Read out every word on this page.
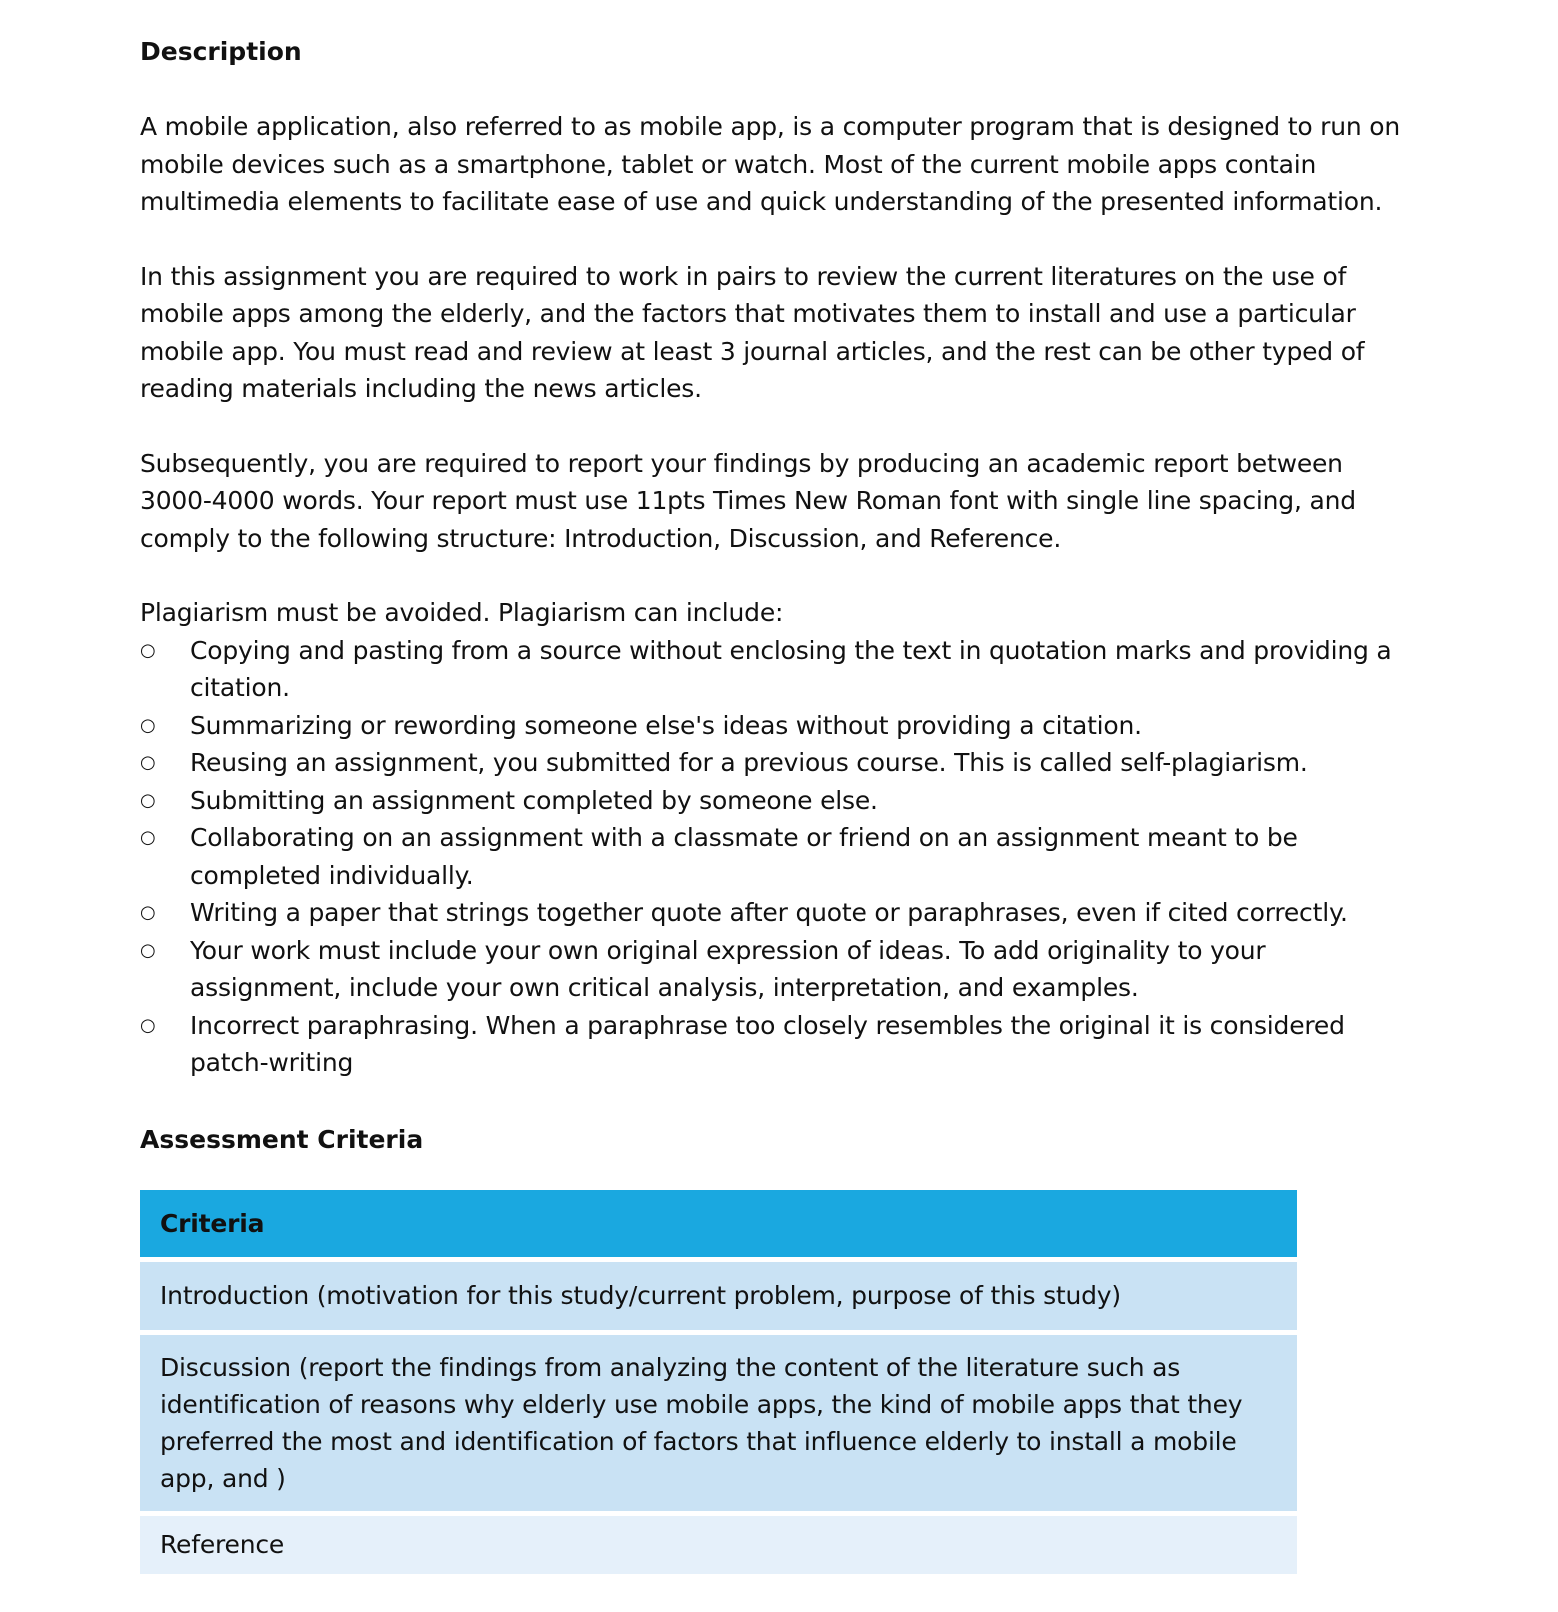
Description

A mobile application, also referred to as mobile app, is a computer program that is designed to run on mobile devices such as a smartphone, tablet or watch. Most of the current mobile apps contain multimedia elements to facilitate ease of use and quick understanding of the presented information.

In this assignment you are required to work in pairs to review the current literatures on the use of mobile apps among the elderly, and the factors that motivates them to install and use a particular mobile app. You must read and review at least 3 journal articles, and the rest can be other typed of reading materials including the news articles.

Subsequently, you are required to report your findings by producing an academic report between 3000-4000 words. Your report must use 11pts Times New Roman font with single line spacing, and comply to the following structure: Introduction, Discussion, and Reference.

Plagiarism must be avoided. Plagiarism can include:

○ Copying and pasting from a source without enclosing the text in quotation marks and providing a citation.
○ Summarizing or rewording someone else's ideas without providing a citation.
○ Reusing an assignment, you submitted for a previous course. This is called self-plagiarism.
○ Submitting an assignment completed by someone else.
○ Collaborating on an assignment with a classmate or friend on an assignment meant to be completed individually.
○ Writing a paper that strings together quote after quote or paraphrases, even if cited correctly.
○ Your work must include your own original expression of ideas. To add originality to your assignment, include your own critical analysis, interpretation, and examples.
○ Incorrect paraphrasing. When a paraphrase too closely resembles the original it is considered patch-writing
Assessment Criteria
Criteria
Introduction (motivation for this study/current problem, purpose of this study)
Discussion (report the findings from analyzing the content of the literature such as identification of reasons why elderly use mobile apps, the kind of mobile apps that they preferred the most and identification of factors that influence elderly to install a mobile app, and )
Reference
